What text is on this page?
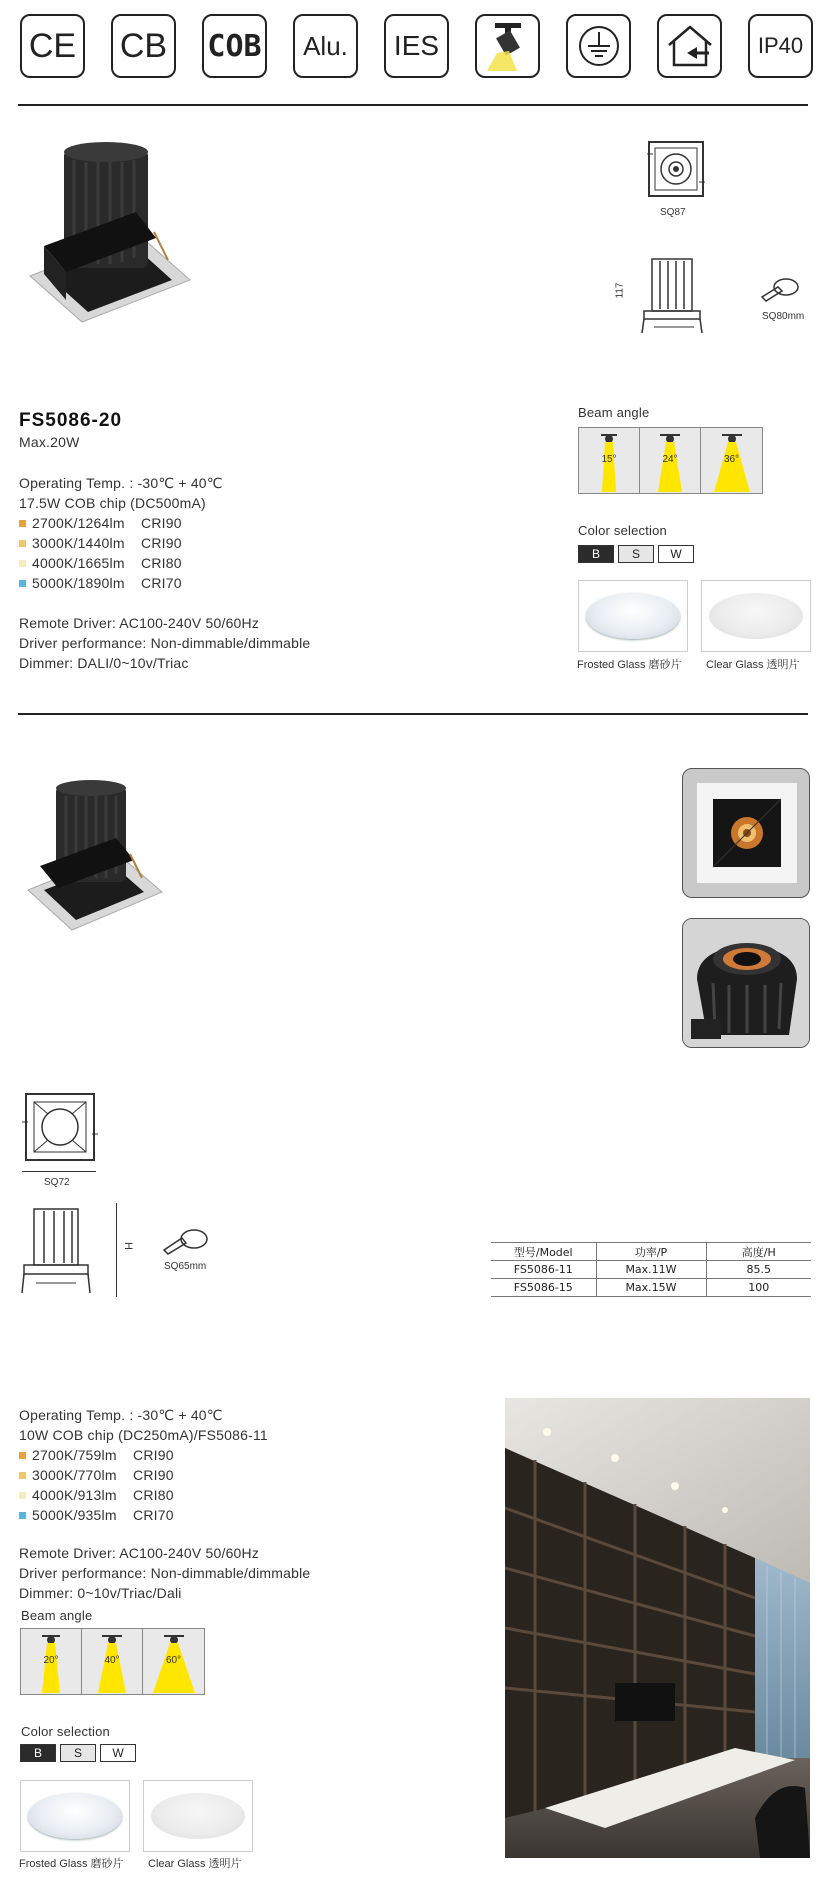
CE CB COB Alu. IES	IP40
SQ87
117
SQ80mm
FS5086-20
Max.20W
Operating Temp. : -30℃ + 40℃
17.5W COB chip (DC500mA)
2700K/1264lm    CRI90
3000K/1440lm    CRI90
4000K/1665lm    CRI80
5000K/1890lm    CRI70
Remote Driver: AC100-240V 50/60Hz
Driver performance: Non-dimmable/dimmable
Dimmer: DALI/0~10v/Triac
Beam angle
15°	24°	36°
Color selection
B	S	W
Frosted Glass 磨砂片 Clear Glass 透明片
SQ72
H
SQ65mm
型号/Model	功率/P	高度/H
FS5086-11	Max.11W	85.5
FS5086-15	Max.15W	100
Operating Temp. : -30℃ + 40℃
10W COB chip (DC250mA)/FS5086-11
2700K/759lm    CRI90
3000K/770lm    CRI90
4000K/913lm    CRI80
5000K/935lm    CRI70
Remote Driver: AC100-240V 50/60Hz
Driver performance: Non-dimmable/dimmable
Dimmer: 0~10v/Triac/Dali
Beam angle
20°	40°	60°
Color selection
B	S	W
Frosted Glass 磨砂片 Clear Glass 透明片
